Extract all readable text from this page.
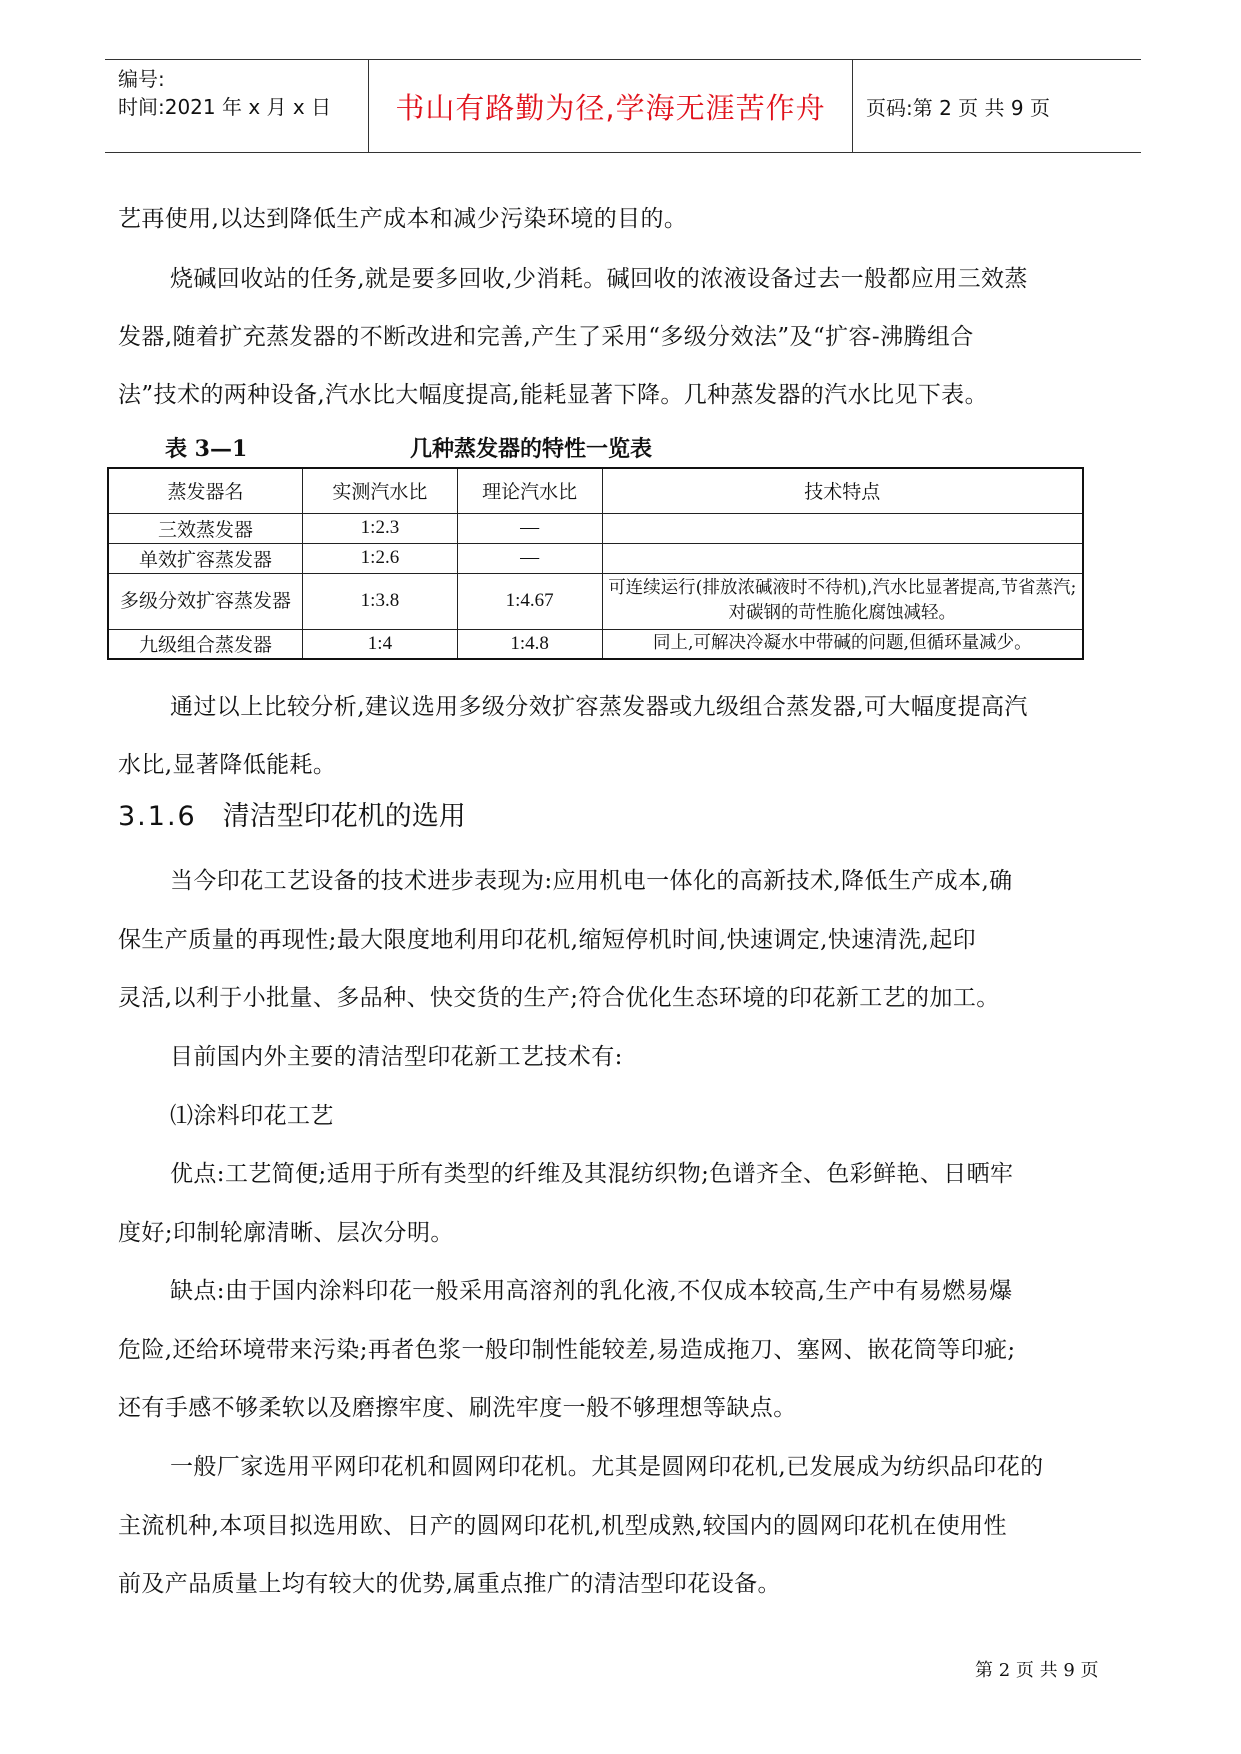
编号:
时间:2021 年 x 月 x 日 书山有路勤为径,学海无涯苦作舟 页码:第 2 页 共 9 页
艺再使用,以达到降低生产成本和减少污染环境的目的。
烧碱回收站的任务,就是要多回收,少消耗。碱回收的浓液设备过去一般都应用三效蒸
发器,随着扩充蒸发器的不断改进和完善,产生了采用“多级分效法”及“扩容-沸腾组合
法”技术的两种设备,汽水比大幅度提高,能耗显著下降。几种蒸发器的汽水比见下表。
表 3—1	几种蒸发器的特性一览表
蒸发器名	实测汽水比	理论汽水比	技术特点
三效蒸发器	1:2.3	—	
单效扩容蒸发器	1:2.6	—	
多级分效扩容蒸发器	1:3.8	1:4.67	可连续运行(排放浓碱液时不待机),汽水比显著提高,节省蒸汽;对碳钢的苛性脆化腐蚀减轻。
九级组合蒸发器	1:4	1:4.8	同上,可解决冷凝水中带碱的问题,但循环量减少。
通过以上比较分析,建议选用多级分效扩容蒸发器或九级组合蒸发器,可大幅度提高汽
水比,显著降低能耗。
3.1.6 清洁型印花机的选用
当今印花工艺设备的技术进步表现为:应用机电一体化的高新技术,降低生产成本,确
保生产质量的再现性;最大限度地利用印花机,缩短停机时间,快速调定,快速清洗,起印
灵活,以利于小批量、多品种、快交货的生产;符合优化生态环境的印花新工艺的加工。
目前国内外主要的清洁型印花新工艺技术有:
⑴涂料印花工艺
优点:工艺简便;适用于所有类型的纤维及其混纺织物;色谱齐全、色彩鲜艳、日晒牢
度好;印制轮廓清晰、层次分明。
缺点:由于国内涂料印花一般采用高溶剂的乳化液,不仅成本较高,生产中有易燃易爆
危险,还给环境带来污染;再者色浆一般印制性能较差,易造成拖刀、塞网、嵌花筒等印疵;
还有手感不够柔软以及磨擦牢度、刷洗牢度一般不够理想等缺点。
一般厂家选用平网印花机和圆网印花机。尤其是圆网印花机,已发展成为纺织品印花的
主流机种,本项目拟选用欧、日产的圆网印花机,机型成熟,较国内的圆网印花机在使用性
前及产品质量上均有较大的优势,属重点推广的清洁型印花设备。
第 2 页 共 9 页
